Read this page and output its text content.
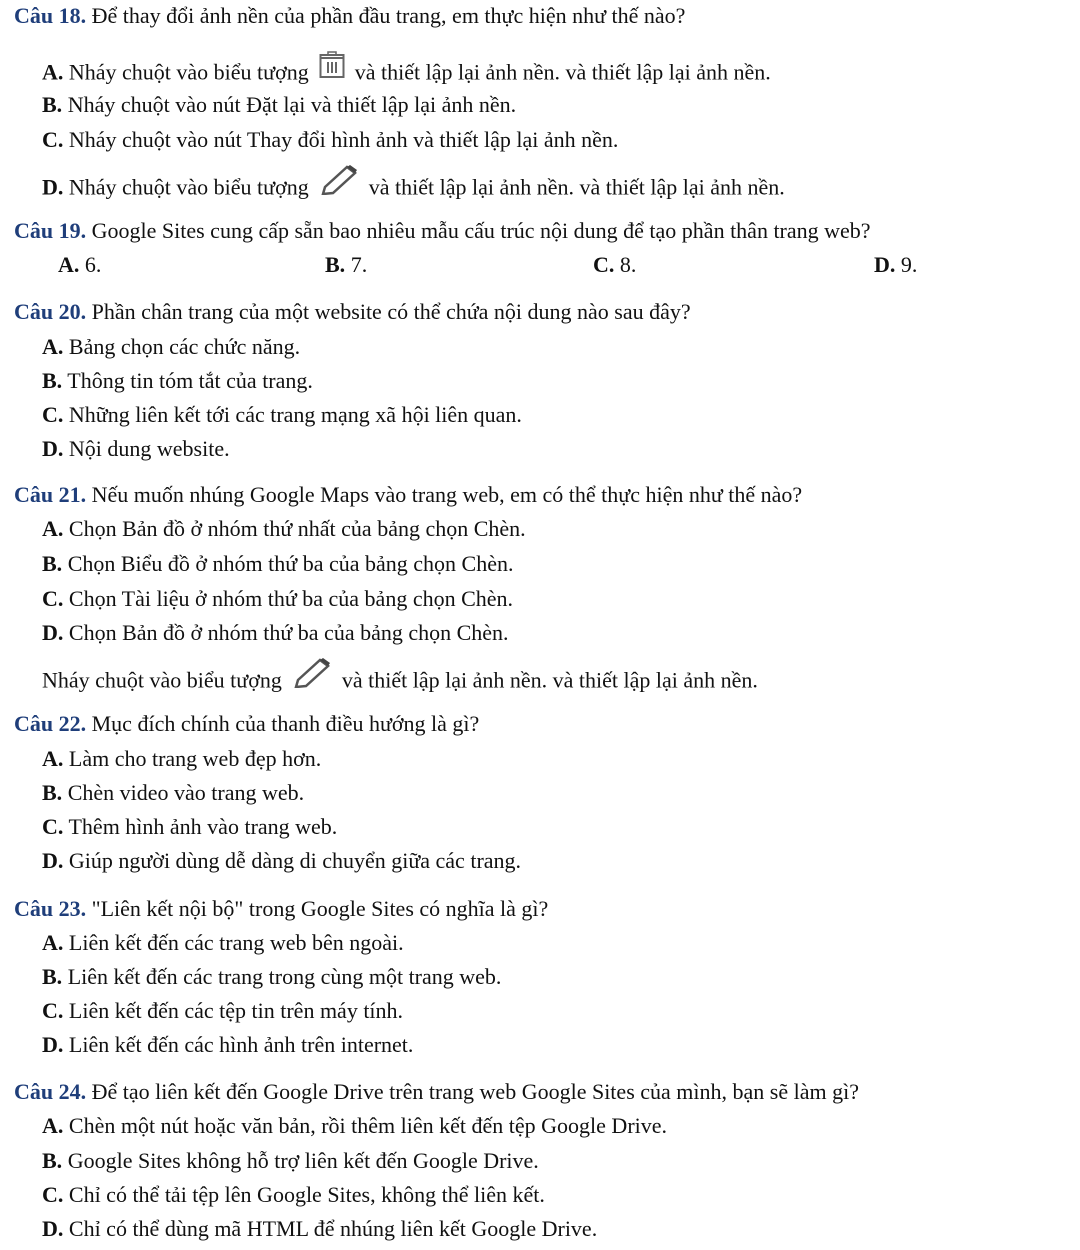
Câu 18. Để thay đổi ảnh nền của phần đầu trang, em thực hiện như thế nào?
A. Nháy chuột vào biểu tượng và thiết lập lại ảnh nền. và thiết lập lại ảnh nền.
B. Nháy chuột vào nút Đặt lại và thiết lập lại ảnh nền.
C. Nháy chuột vào nút Thay đổi hình ảnh và thiết lập lại ảnh nền.
D. Nháy chuột vào biểu tượng	và thiết lập lại ảnh nền. và thiết lập lại ảnh nền.
Câu 19. Google Sites cung cấp sẵn bao nhiêu mẫu cấu trúc nội dung để tạo phần thân trang web?
A. 6.	B. 7.	C. 8.	D. 9.
Câu 20. Phần chân trang của một website có thể chứa nội dung nào sau đây?
A. Bảng chọn các chức năng.
B. Thông tin tóm tắt của trang.
C. Những liên kết tới các trang mạng xã hội liên quan.
D. Nội dung website.
Câu 21. Nếu muốn nhúng Google Maps vào trang web, em có thể thực hiện như thế nào?
A. Chọn Bản đồ ở nhóm thứ nhất của bảng chọn Chèn.
B. Chọn Biểu đồ ở nhóm thứ ba của bảng chọn Chèn.
C. Chọn Tài liệu ở nhóm thứ ba của bảng chọn Chèn.
D. Chọn Bản đồ ở nhóm thứ ba của bảng chọn Chèn.
Nháy chuột vào biểu tượng	và thiết lập lại ảnh nền. và thiết lập lại ảnh nền.
Câu 22. Mục đích chính của thanh điều hướng là gì?
A. Làm cho trang web đẹp hơn.
B. Chèn video vào trang web.
C. Thêm hình ảnh vào trang web.
D. Giúp người dùng dễ dàng di chuyển giữa các trang.
Câu 23. "Liên kết nội bộ" trong Google Sites có nghĩa là gì?
A. Liên kết đến các trang web bên ngoài.
B. Liên kết đến các trang trong cùng một trang web.
C. Liên kết đến các tệp tin trên máy tính.
D. Liên kết đến các hình ảnh trên internet.
Câu 24. Để tạo liên kết đến Google Drive trên trang web Google Sites của mình, bạn sẽ làm gì?
A. Chèn một nút hoặc văn bản, rồi thêm liên kết đến tệp Google Drive.
B. Google Sites không hỗ trợ liên kết đến Google Drive.
C. Chỉ có thể tải tệp lên Google Sites, không thể liên kết.
D. Chỉ có thể dùng mã HTML để nhúng liên kết Google Drive.
